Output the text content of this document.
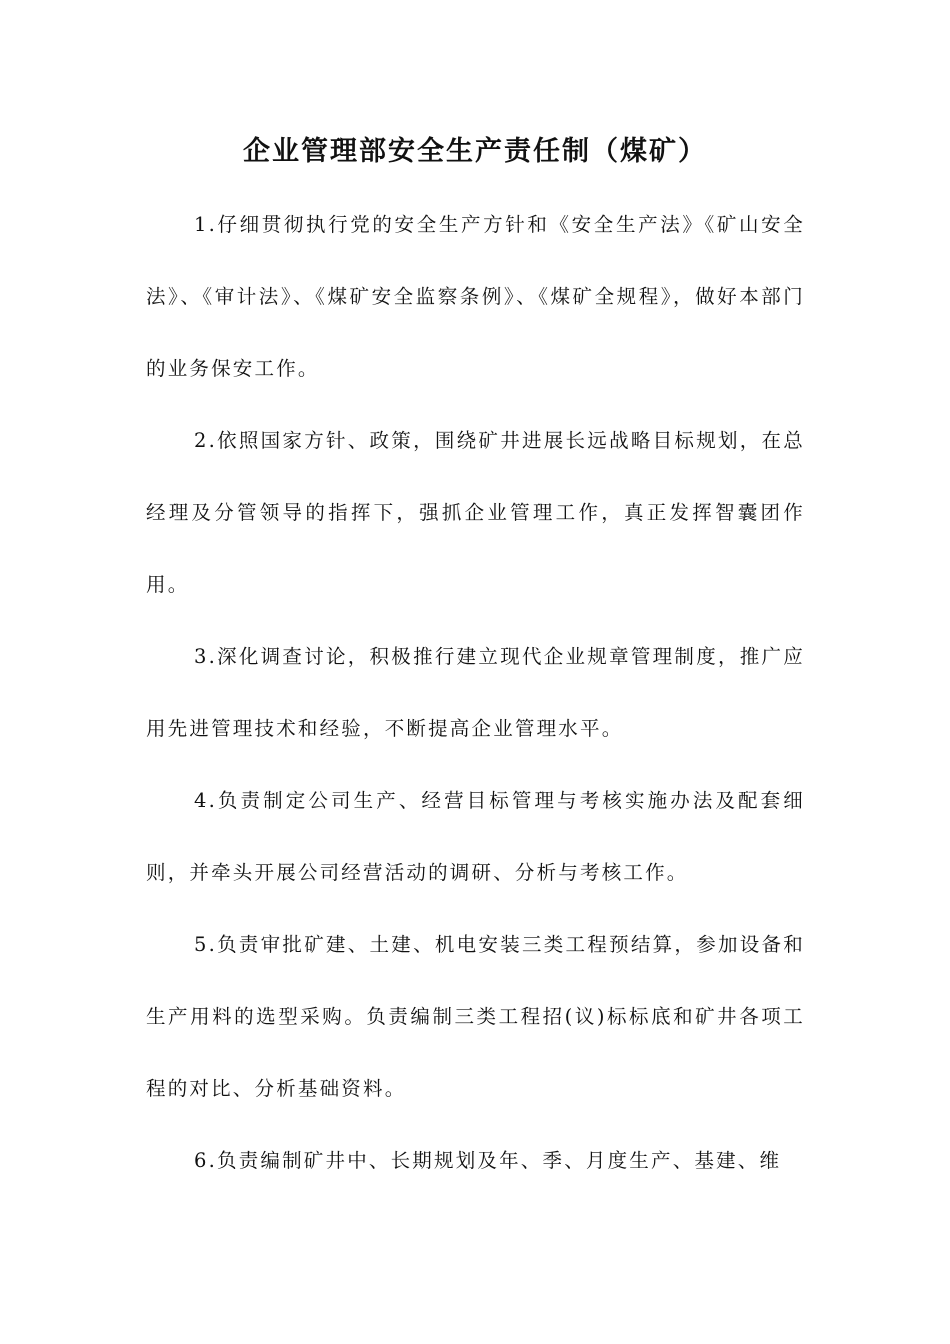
企业管理部安全生产责任制（煤矿）

1.仔细贯彻执行党的安全生产方针和《安全生产法》《矿山安全法》、《审计法》、《煤矿安全监察条例》、《煤矿全规程》，做好本部门的业务保安工作。

2.依照国家方针、政策，围绕矿井进展长远战略目标规划，在总经理及分管领导的指挥下，强抓企业管理工作，真正发挥智囊团作用。

3.深化调查讨论，积极推行建立现代企业规章管理制度，推广应用先进管理技术和经验，不断提高企业管理水平。

4.负责制定公司生产、经营目标管理与考核实施办法及配套细则，并牵头开展公司经营活动的调研、分析与考核工作。

5.负责审批矿建、土建、机电安装三类工程预结算，参加设备和生产用料的选型采购。负责编制三类工程招(议)标标底和矿井各项工程的对比、分析基础资料。

6.负责编制矿井中、长期规划及年、季、月度生产、基建、维
